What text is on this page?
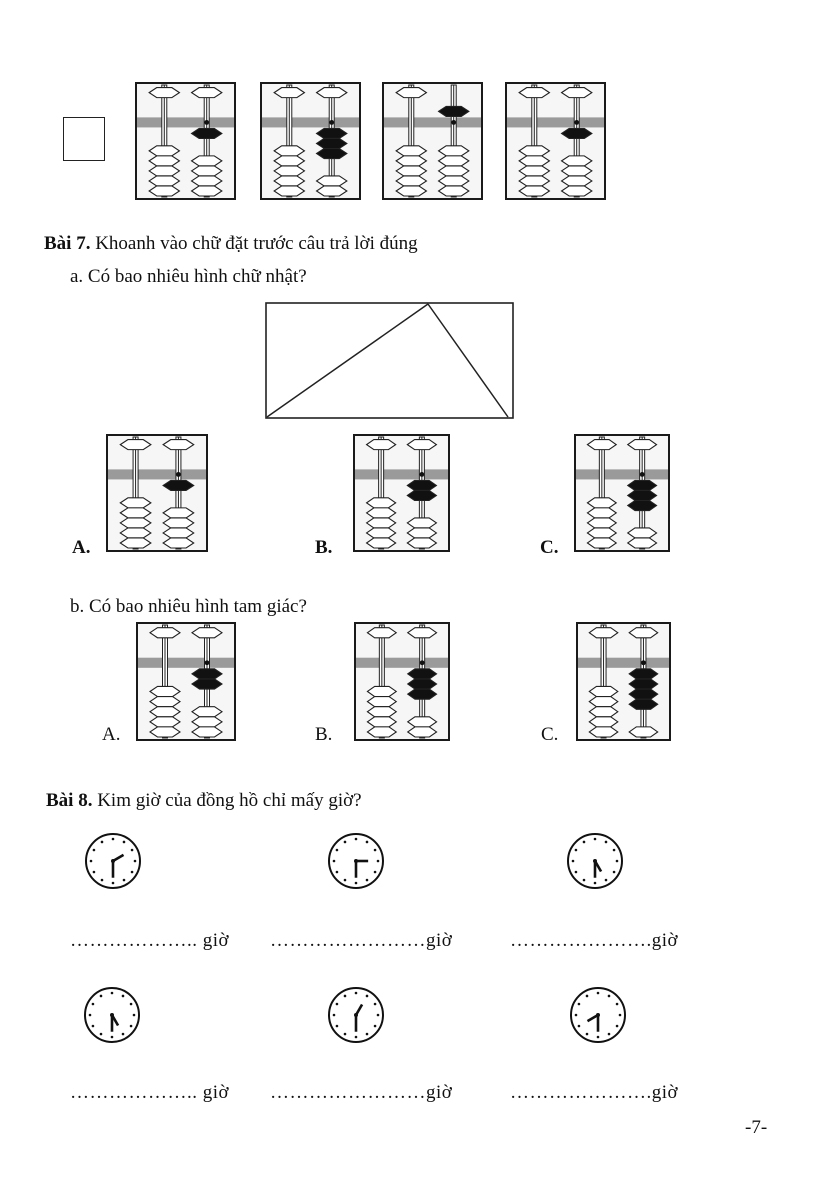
Bài 7. Khoanh vào chữ đặt trước câu trả lời đúng
a. Có bao nhiêu hình chữ nhật?
A.	B.	C.
b. Có bao nhiêu hình tam giác?
A.	B.	C.
Bài 8. Kim giờ của đồng hồ chỉ mấy giờ?
……………….. giờ ……………………giờ	………………….giờ
……………….. giờ ……………………giờ	………………….giờ
-7-
